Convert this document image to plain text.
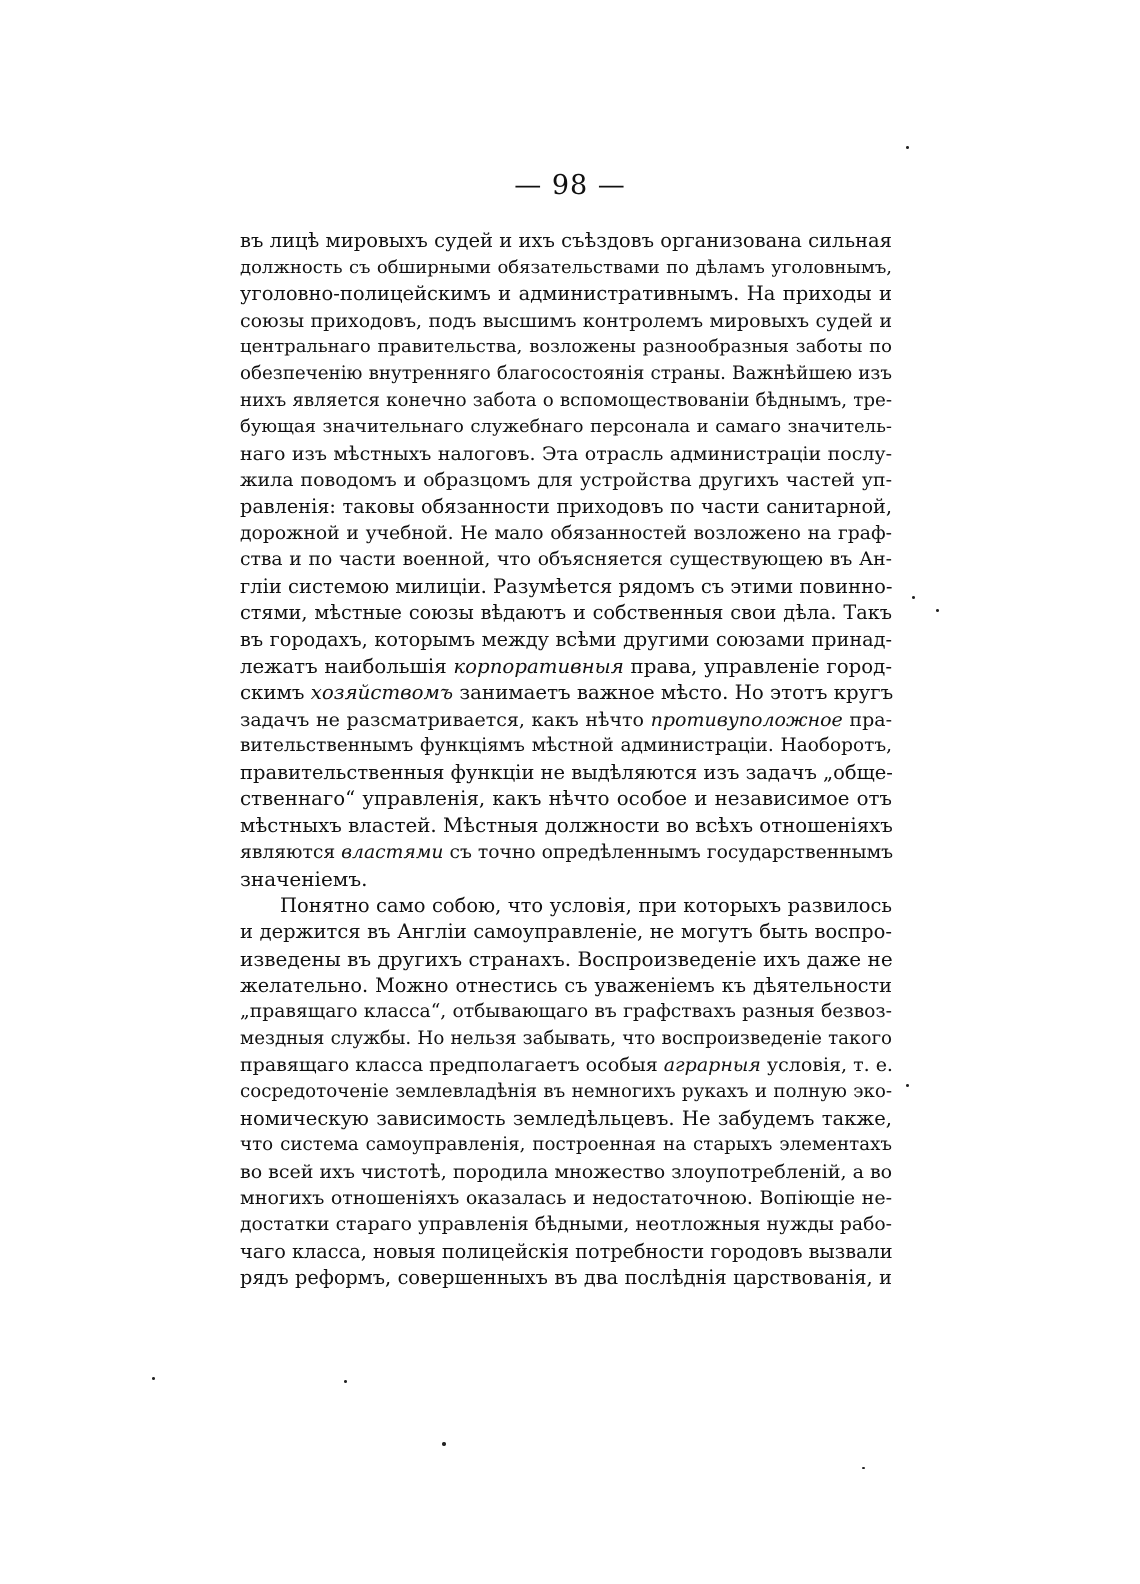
— 98 —
въ лицѣ мировыхъ судей и ихъ съѣздовъ организована сильная
должность съ обширными обязательствами по дѣламъ уголовнымъ,
уголовно-полицейскимъ и административнымъ. На приходы и
союзы приходовъ, подъ высшимъ контролемъ мировыхъ судей и
центральнаго правительства, возложены разнообразныя заботы по
обезпеченію внутренняго благосостоянія страны. Важнѣйшею изъ
нихъ является конечно забота о вспомоществованіи бѣднымъ, тре-
бующая значительнаго служебнаго персонала и самаго значитель-
наго изъ мѣстныхъ налоговъ. Эта отрасль администраціи послу-
жила поводомъ и образцомъ для устройства другихъ частей уп-
равленія: таковы обязанности приходовъ по части санитарной,
дорожной и учебной. Не мало обязанностей возложено на граф-
ства и по части военной, что объясняется существующею въ Ан-
гліи системою милиціи. Разумѣется рядомъ съ этими повинно-
стями, мѣстные союзы вѣдаютъ и собственныя свои дѣла. Такъ
въ городахъ, которымъ между всѣми другими союзами принад-
лежатъ наибольшія корпоративныя права, управленіе город-
скимъ хозяйствомъ занимаетъ важное мѣсто. Но этотъ кругъ
задачъ не разсматривается, какъ нѣчто противуположное пра-
вительственнымъ функціямъ мѣстной администраціи. Наоборотъ,
правительственныя функціи не выдѣляются изъ задачъ „обще-
ственнаго“ управленія, какъ нѣчто особое и независимое отъ
мѣстныхъ властей. Мѣстныя должности во всѣхъ отношеніяхъ
являются властями съ точно опредѣленнымъ государственнымъ
значеніемъ.
Понятно само собою, что условія, при которыхъ развилось
и держится въ Англіи самоуправленіе, не могутъ быть воспро-
изведены въ другихъ странахъ. Воспроизведеніе ихъ даже не
желательно. Можно отнестись съ уваженіемъ къ дѣятельности
„правящаго класса“, отбывающаго въ графствахъ разныя безвоз-
мездныя службы. Но нельзя забывать, что воспроизведеніе такого
правящаго класса предполагаетъ особыя аграрныя условія, т. е.
сосредоточеніе землевладѣнія въ немногихъ рукахъ и полную эко-
номическую зависимость земледѣльцевъ. Не забудемъ также,
что система самоуправленія, построенная на старыхъ элементахъ
во всей ихъ чистотѣ, породила множество злоупотребленій, а во
многихъ отношеніяхъ оказалась и недостаточною. Вопіющіе не-
достатки стараго управленія бѣдными, неотложныя нужды рабо-
чаго класса, новыя полицейскія потребности городовъ вызвали
рядъ реформъ, совершенныхъ въ два послѣднія царствованія, и
